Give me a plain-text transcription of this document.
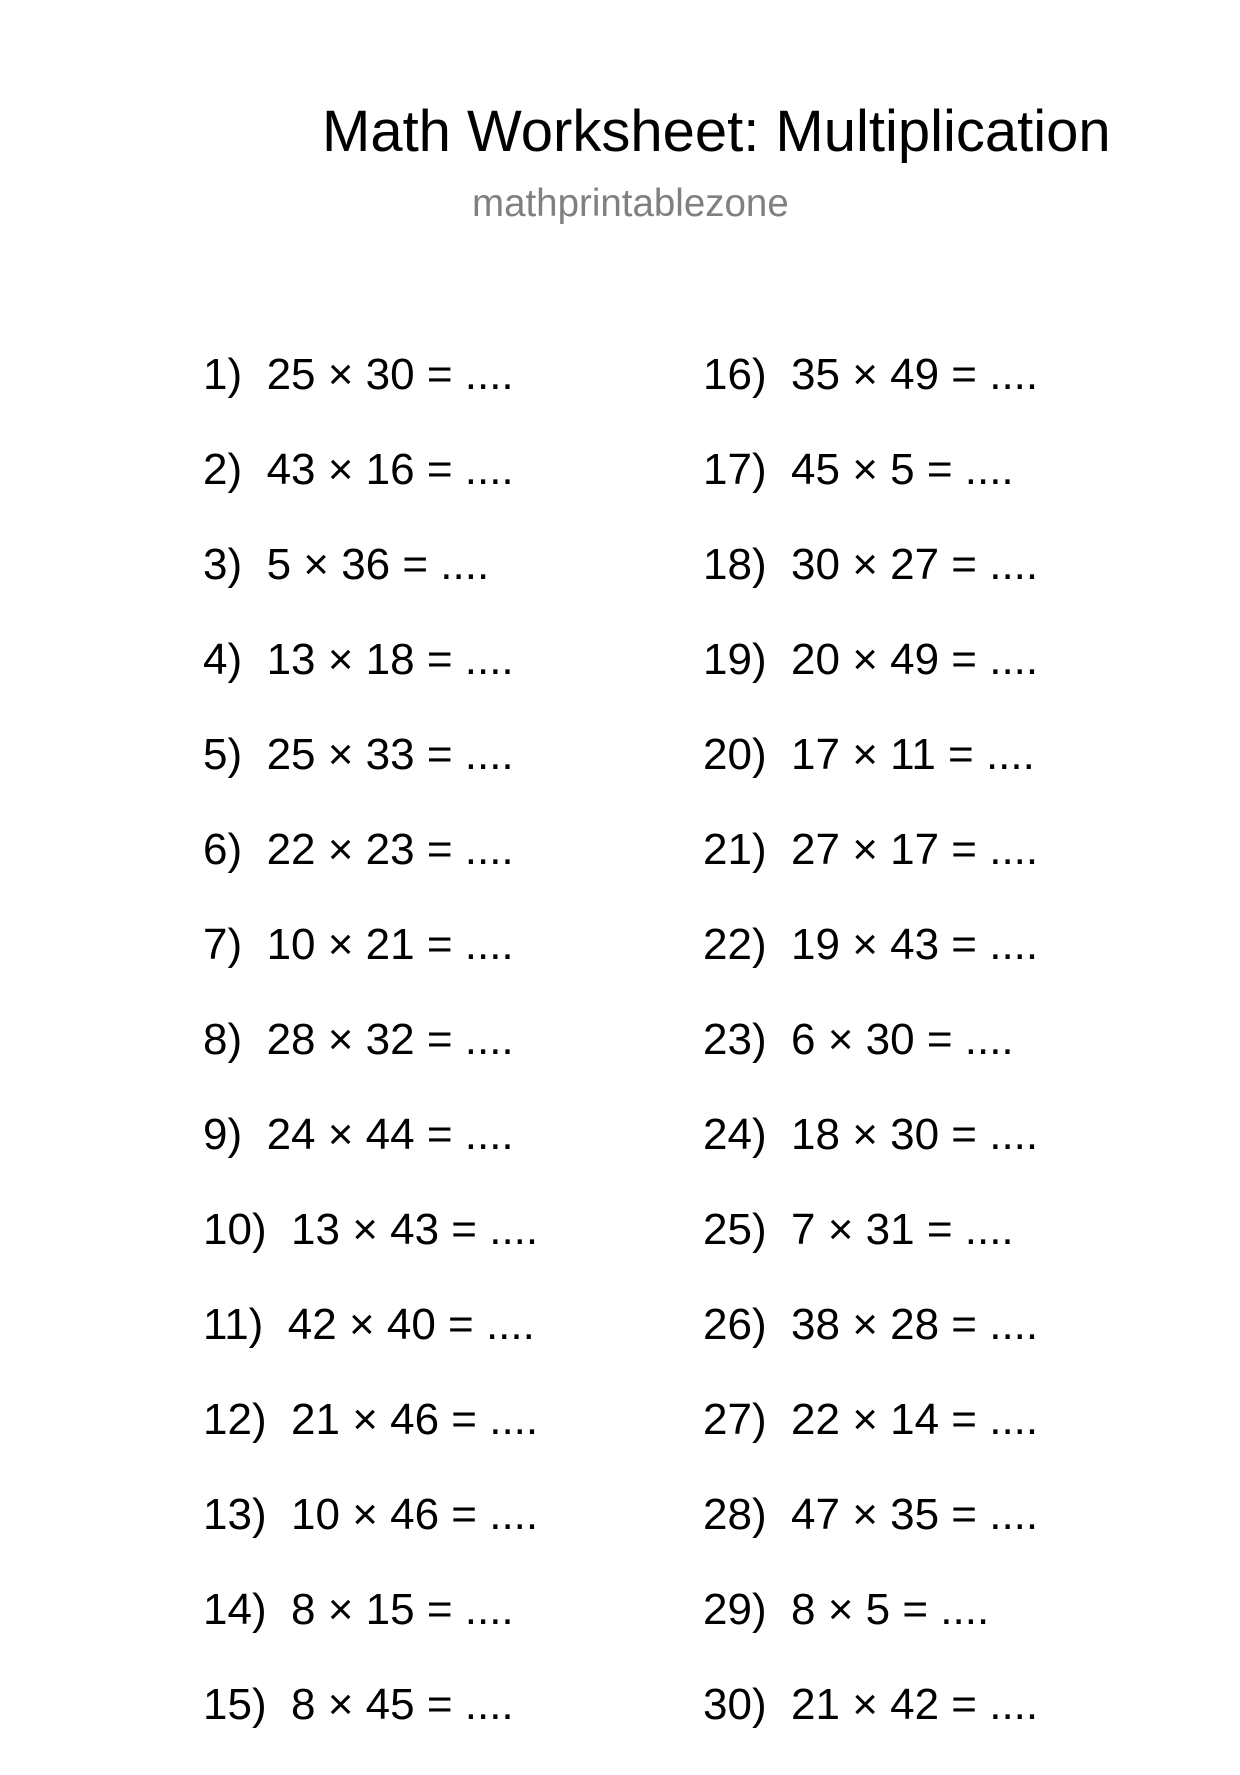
Math Worksheet: Multiplication
mathprintablezone
1) 25 × 30 = ....
2) 43 × 16 = ....
3) 5 × 36 = ....
4) 13 × 18 = ....
5) 25 × 33 = ....
6) 22 × 23 = ....
7) 10 × 21 = ....
8) 28 × 32 = ....
9) 24 × 44 = ....
10) 13 × 43 = ....
11) 42 × 40 = ....
12) 21 × 46 = ....
13) 10 × 46 = ....
14) 8 × 15 = ....
15) 8 × 45 = ....
16) 35 × 49 = ....
17) 45 × 5 = ....
18) 30 × 27 = ....
19) 20 × 49 = ....
20) 17 × 11 = ....
21) 27 × 17 = ....
22) 19 × 43 = ....
23) 6 × 30 = ....
24) 18 × 30 = ....
25) 7 × 31 = ....
26) 38 × 28 = ....
27) 22 × 14 = ....
28) 47 × 35 = ....
29) 8 × 5 = ....
30) 21 × 42 = ....
